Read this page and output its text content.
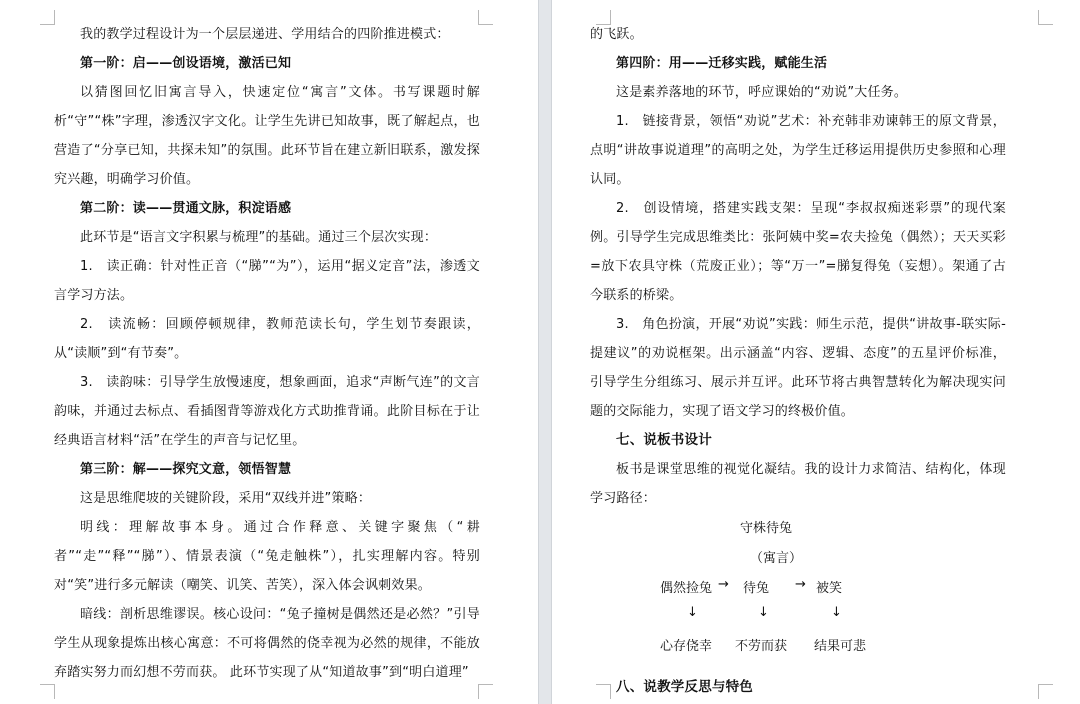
我的教学过程设计为一个层层递进、学用结合的四阶推进模式：

第一阶：启——创设语境，激活已知

以猜图回忆旧寓言导入，快速定位“寓言”文体。书写课题时解析“守”“株”字理，渗透汉字文化。让学生先讲已知故事，既了解起点，也营造了“分享已知，共探未知”的氛围。此环节旨在建立新旧联系，激发探究兴趣，明确学习价值。

第二阶：读——贯通文脉，积淀语感

此环节是“语言文字积累与梳理”的基础。通过三个层次实现：

1.　读正确：针对性正音（“䏲”“为”），运用“据义定音”法，渗透文言学习方法。

2.　读流畅：回顾停顿规律，教师范读长句，学生划节奏跟读，从“读顺”到“有节奏”。

3.　读韵味：引导学生放慢速度，想象画面，追求“声断气连”的文言韵味，并通过去标点、看插图背等游戏化方式助推背诵。此阶目标在于让经典语言材料“活”在学生的声音与记忆里。

第三阶：解——探究文意，领悟智慧

这是思维爬坡的关键阶段，采用“双线并进”策略：

明线：理解故事本身。通过合作释意、关键字聚焦（“耕者”“走”“释”“䏲”）、情景表演（“兔走触株”），扎实理解内容。特别对“笑”进行多元解读（嘲笑、讥笑、苦笑），深入体会讽刺效果。

暗线：剖析思维谬误。核心设问：“兔子撞树是偶然还是必然？”引导学生从现象提炼出核心寓意：不可将偶然的侥幸视为必然的规律，不能放弃踏实努力而幻想不劳而获。 此环节实现了从“知道故事”到“明白道理”

的飞跃。

第四阶：用——迁移实践，赋能生活

这是素养落地的环节，呼应课始的“劝说”大任务。

1.　链接背景，领悟“劝说”艺术：补充韩非劝谏韩王的原文背景，点明“讲故事说道理”的高明之处，为学生迁移运用提供历史参照和心理认同。

2.　创设情境，搭建实践支架：呈现“李叔叔痴迷彩票”的现代案例。引导学生完成思维类比：张阿姨中奖=农夫捡兔（偶然）；天天买彩=放下农具守株（荒废正业）；等“万一”=䏲复得兔（妄想）。架通了古今联系的桥梁。

3.　角色扮演，开展“劝说”实践：师生示范，提供“讲故事-联实际-提建议”的劝说框架。出示涵盖“内容、逻辑、态度”的五星评价标准，引导学生分组练习、展示并互评。此环节将古典智慧转化为解决现实问题的交际能力，实现了语文学习的终极价值。

七、说板书设计

板书是课堂思维的视觉化凝结。我的设计力求简洁、结构化，体现学习路径：

守株待兔
（寓言）
偶然捡兔 → 待兔 → 被笑
↓	↓	↓
心存侥幸 不劳而获 结果可悲

八、说教学反思与特色
